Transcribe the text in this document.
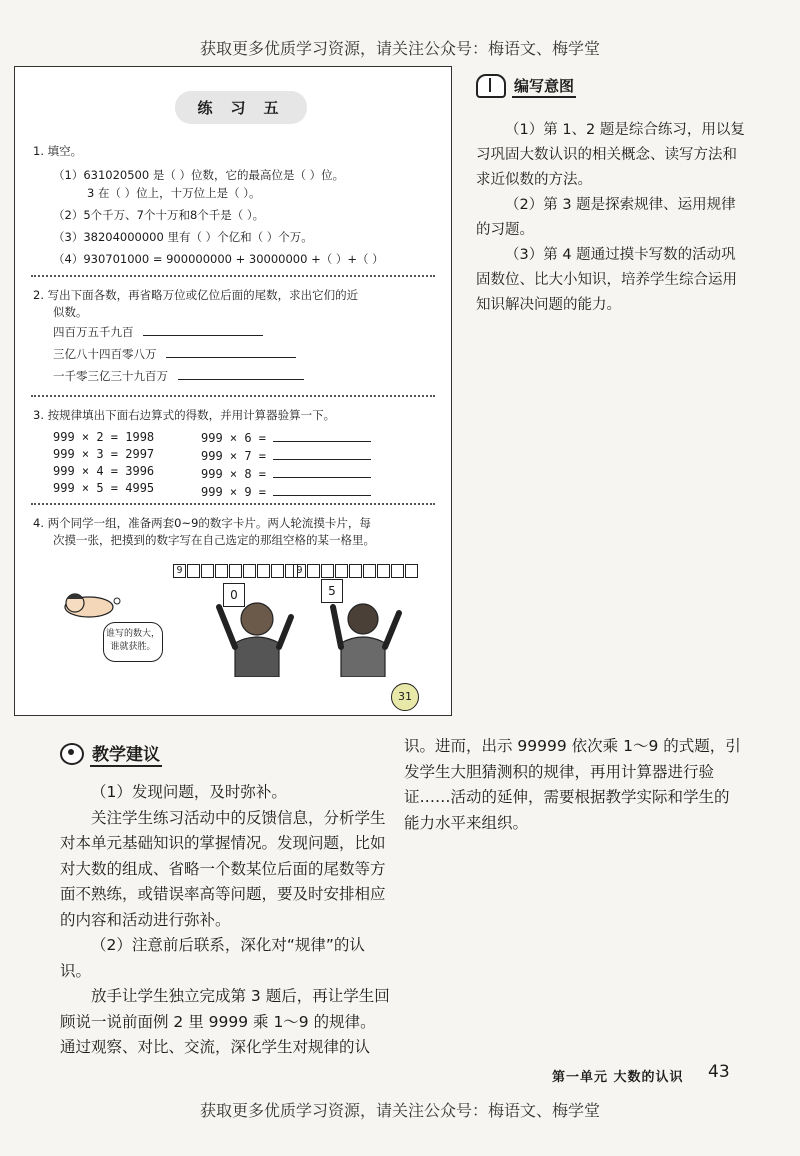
获取更多优质学习资源，请关注公众号：梅语文、梅学堂
练习五
1. 填空。
（1）631020500 是（ ）位数，它的最高位是（ ）位。
3 在（ ）位上，十万位上是（ ）。
（2）5个千万、7个十万和8个千是（ ）。
（3）38204000000 里有（ ）个亿和（ ）个万。
（4）930701000 = 900000000 + 30000000 +（ ）+（ ）
2. 写出下面各数，再省略万位或亿位后面的尾数，求出它们的近
似数。
四百万五千九百
三亿八十四百零八万
一千零三亿三十九百万
3. 按规律填出下面右边算式的得数，并用计算器验算一下。
999 × 2 = 1998
999 × 3 = 2997
999 × 4 = 3996
999 × 5 = 4995
999 × 6 =
999 × 7 =
999 × 8 =
999 × 9 =
4. 两个同学一组，准备两套0~9的数字卡片。两人轮流摸卡片，每
次摸一张，把摸到的数字写在自己选定的那组空格的某一格里。
9	9
谁写的数大，谁就获胜。
0	5
31
编写意图
（1）第 1、2 题是综合练习，用以复习巩固大数认识的相关概念、读写方法和求近似数的方法。
（2）第 3 题是探索规律、运用规律的习题。
（3）第 4 题通过摸卡写数的活动巩固数位、比大小知识，培养学生综合运用知识解决问题的能力。
教学建议
（1）发现问题，及时弥补。
关注学生练习活动中的反馈信息，分析学生对本单元基础知识的掌握情况。发现问题，比如对大数的组成、省略一个数某位后面的尾数等方面不熟练，或错误率高等问题，要及时安排相应的内容和活动进行弥补。
（2）注意前后联系，深化对“规律”的认识。
放手让学生独立完成第 3 题后，再让学生回顾说一说前面例 2 里 9999 乘 1～9 的规律。通过观察、对比、交流，深化学生对规律的认
识。进而，出示 99999 依次乘 1～9 的式题，引发学生大胆猜测积的规律，再用计算器进行验证……活动的延伸，需要根据教学实际和学生的能力水平来组织。
第一单元 大数的认识 43
获取更多优质学习资源，请关注公众号：梅语文、梅学堂
